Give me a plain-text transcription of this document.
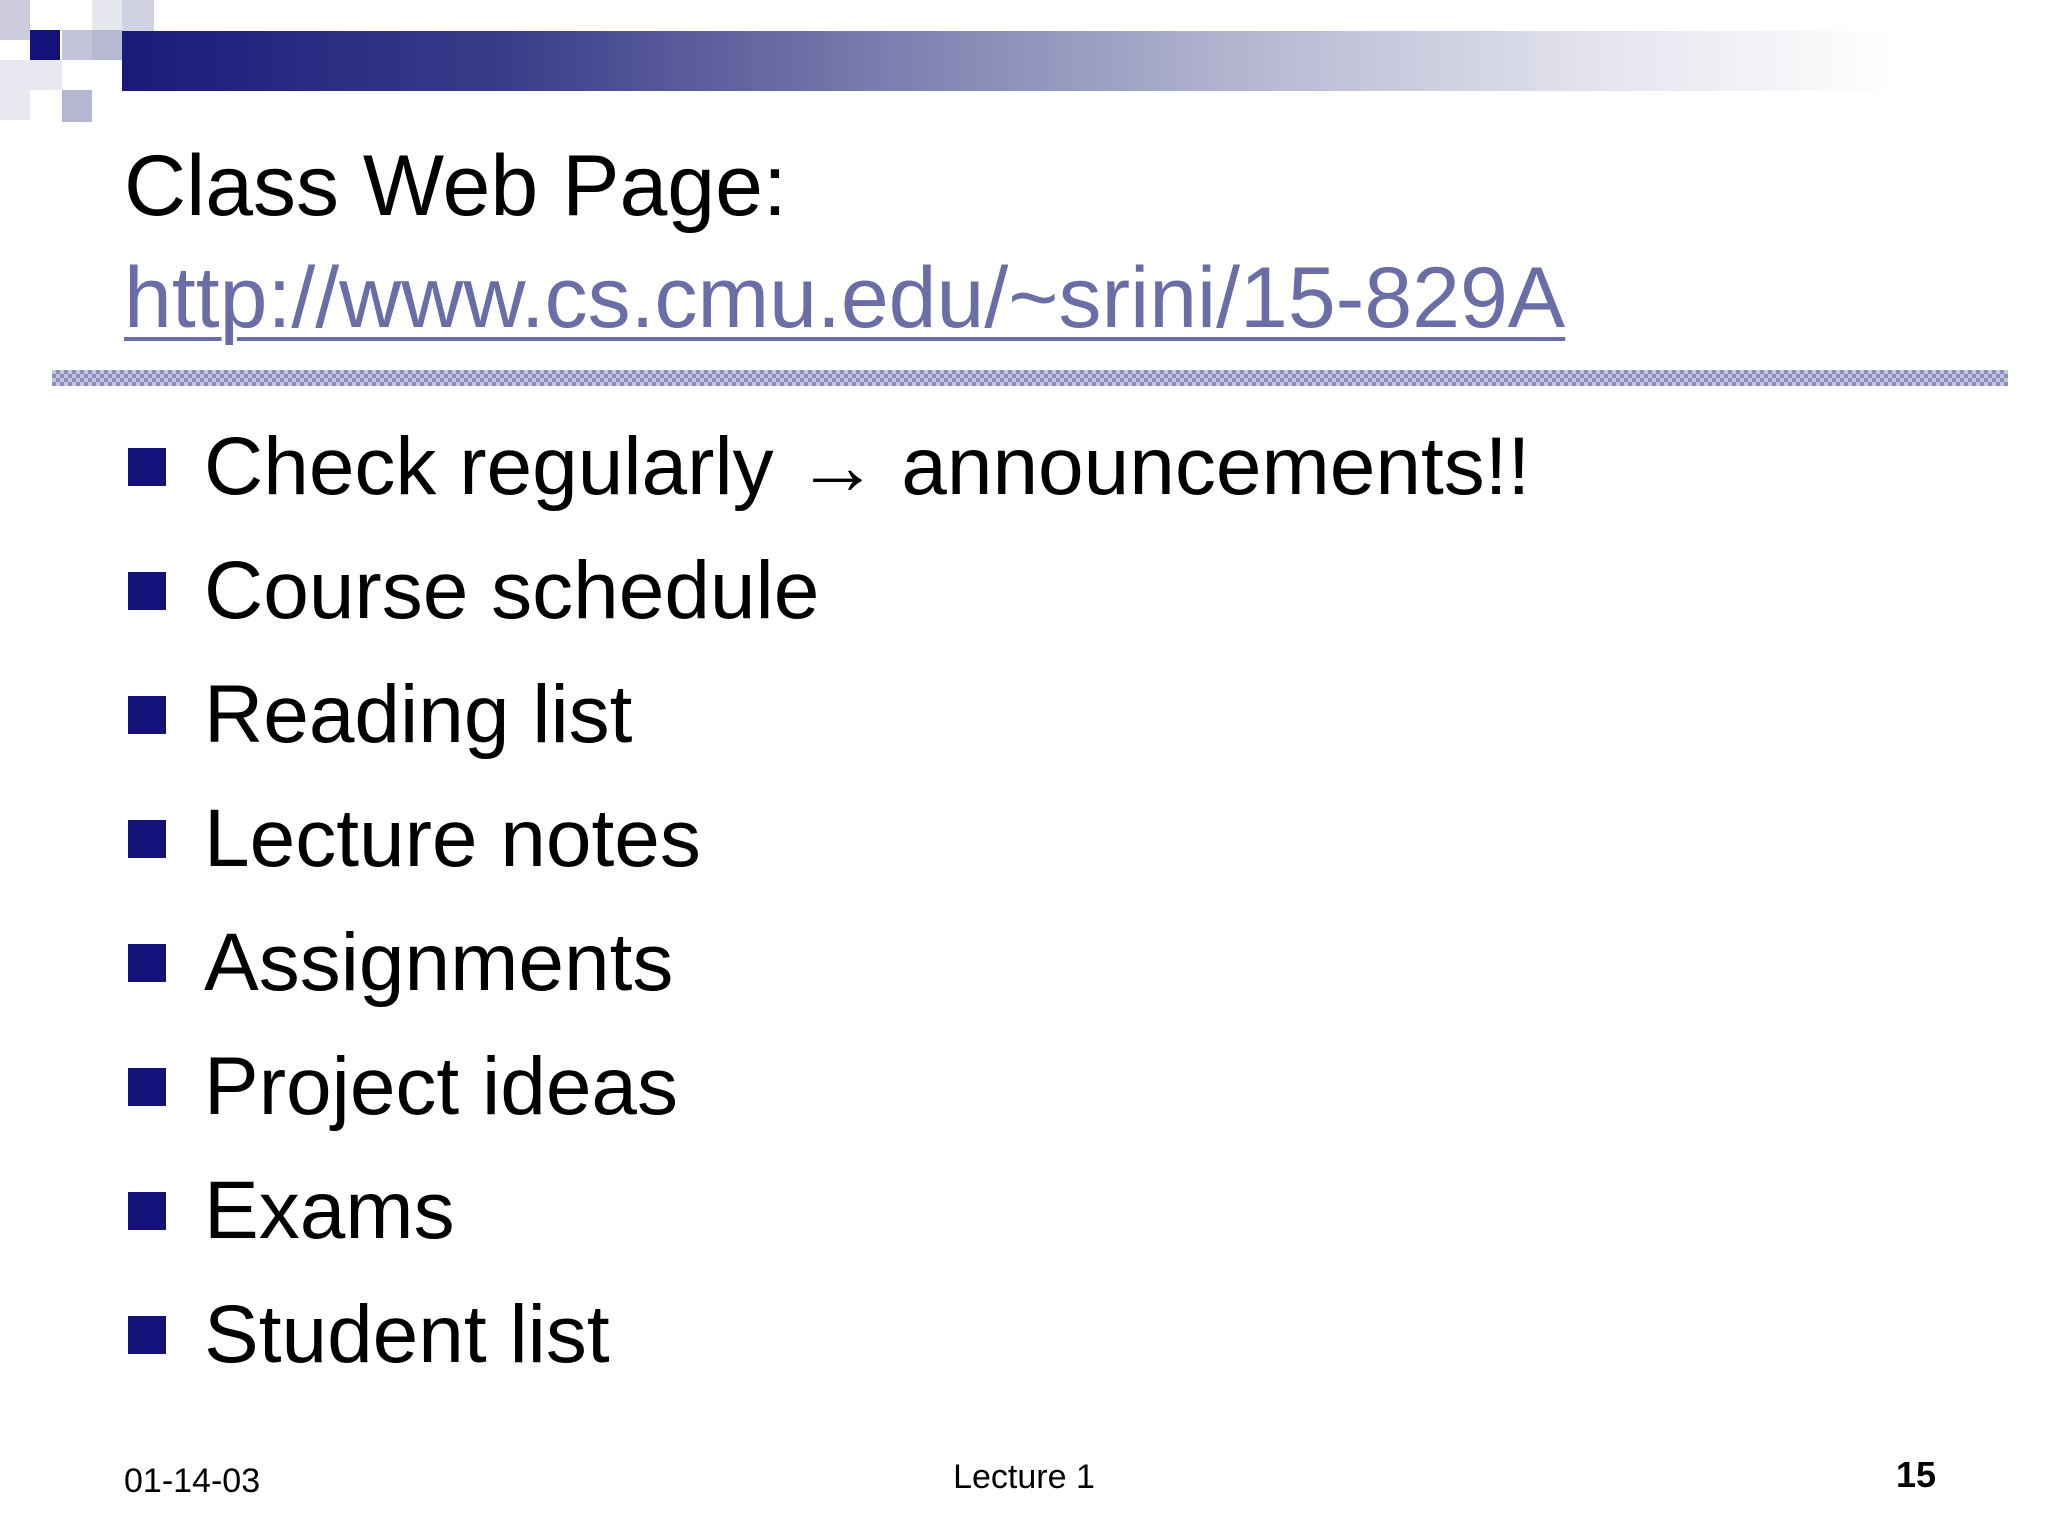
Class Web Page:
http://www.cs.cmu.edu/~srini/15-829A
Check regularly → announcements!!
Course schedule
Reading list
Lecture notes
Assignments
Project ideas
Exams
Student list
01-14-03	Lecture 1	15
